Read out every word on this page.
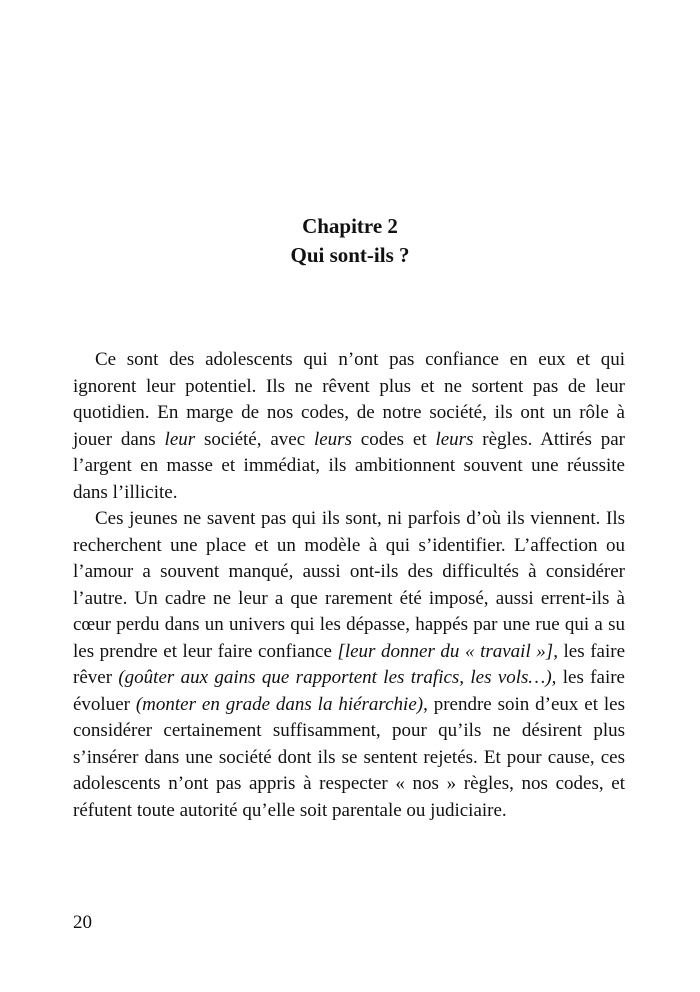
Chapitre 2
Qui sont-ils ?

Ce sont des adolescents qui n’ont pas confiance en eux et qui ignorent leur potentiel. Ils ne rêvent plus et ne sortent pas de leur quotidien. En marge de nos codes, de notre société, ils ont un rôle à jouer dans leur société, avec leurs codes et leurs règles. Attirés par l’argent en masse et immédiat, ils ambitionnent souvent une réussite dans l’illicite.

Ces jeunes ne savent pas qui ils sont, ni parfois d’où ils viennent. Ils recherchent une place et un modèle à qui s’identifier. L’affection ou l’amour a souvent manqué, aussi ont-ils des difficultés à considérer l’autre. Un cadre ne leur a que rarement été imposé, aussi errent-ils à cœur perdu dans un univers qui les dépasse, happés par une rue qui a su les prendre et leur faire confiance [leur donner du « travail »], les faire rêver (goûter aux gains que rapportent les trafics, les vols…), les faire évoluer (monter en grade dans la hiérarchie), prendre soin d’eux et les considérer certainement suffisamment, pour qu’ils ne désirent plus s’insérer dans une société dont ils se sentent rejetés. Et pour cause, ces adolescents n’ont pas appris à respecter « nos » règles, nos codes, et réfutent toute autorité qu’elle soit parentale ou judiciaire.

20
